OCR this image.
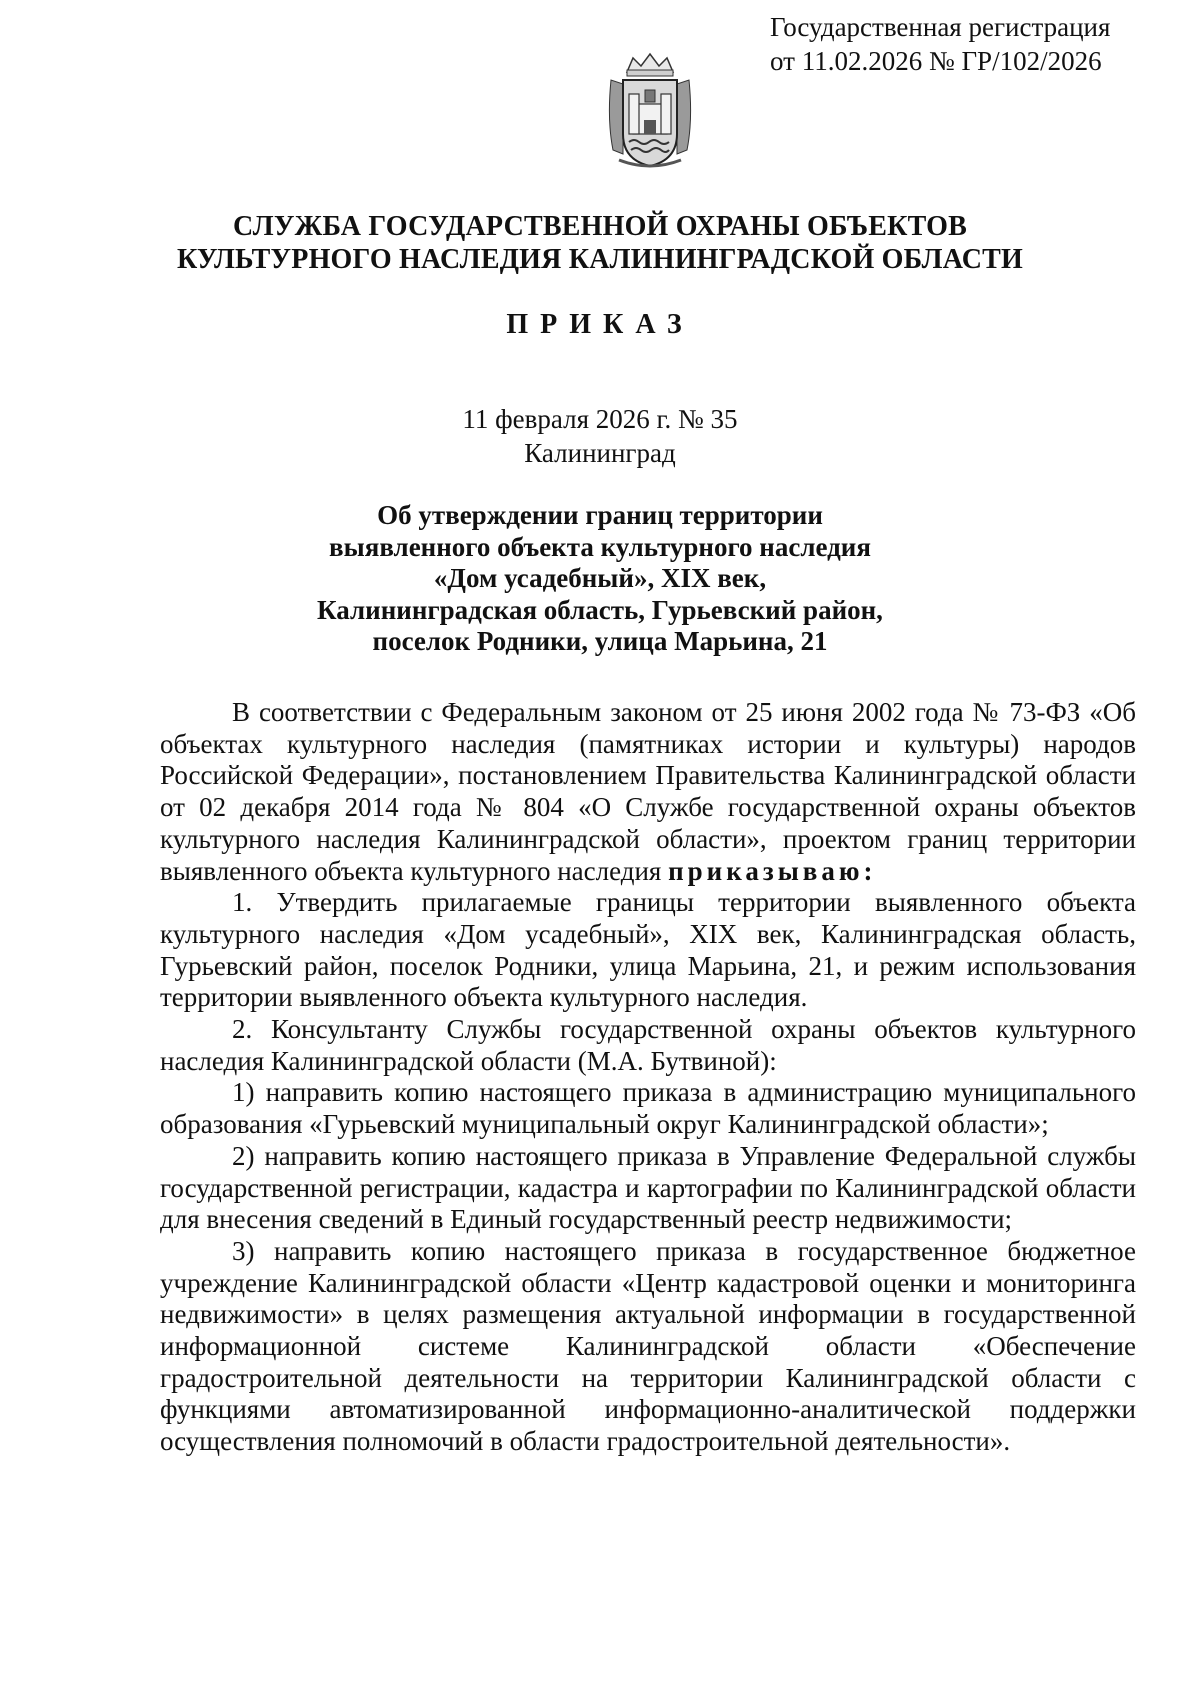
Государственная регистрация
от 11.02.2026 № ГР/102/2026
СЛУЖБА ГОСУДАРСТВЕННОЙ ОХРАНЫ ОБЪЕКТОВ
КУЛЬТУРНОГО НАСЛЕДИЯ КАЛИНИНГРАДСКОЙ ОБЛАСТИ
ПРИКАЗ
11 февраля 2026 г. № 35
Калининград
Об утверждении границ территории
выявленного объекта культурного наследия
«Дом усадебный», XIX век,
Калининградская область, Гурьевский район,
поселок Родники, улица Марьина, 21

В соответствии с Федеральным законом от 25 июня 2002 года № 73-ФЗ «Об объектах культурного наследия (памятниках истории и культуры) народов Российской Федерации», постановлением Правительства Калининградской области от 02 декабря 2014 года № 804 «О Службе государственной охраны объектов культурного наследия Калининградской области», проектом границ территории выявленного объекта культурного наследия приказываю:

1. Утвердить прилагаемые границы территории выявленного объекта культурного наследия «Дом усадебный», XIX век, Калининградская область, Гурьевский район, поселок Родники, улица Марьина, 21, и режим использования территории выявленного объекта культурного наследия.

2. Консультанту Службы государственной охраны объектов культурного наследия Калининградской области (М.А. Бутвиной):

1) направить копию настоящего приказа в администрацию муниципального образования «Гурьевский муниципальный округ Калининградской области»;

2) направить копию настоящего приказа в Управление Федеральной службы государственной регистрации, кадастра и картографии по Калининградской области для внесения сведений в Единый государственный реестр недвижимости;

3) направить копию настоящего приказа в государственное бюджетное учреждение Калининградской области «Центр кадастровой оценки и мониторинга недвижимости» в целях размещения актуальной информации в государственной информационной системе Калининградской области «Обеспечение градостроительной деятельности на территории Калининградской области с функциями автоматизированной информационно-аналитической поддержки осуществления полномочий в области градостроительной деятельности».
